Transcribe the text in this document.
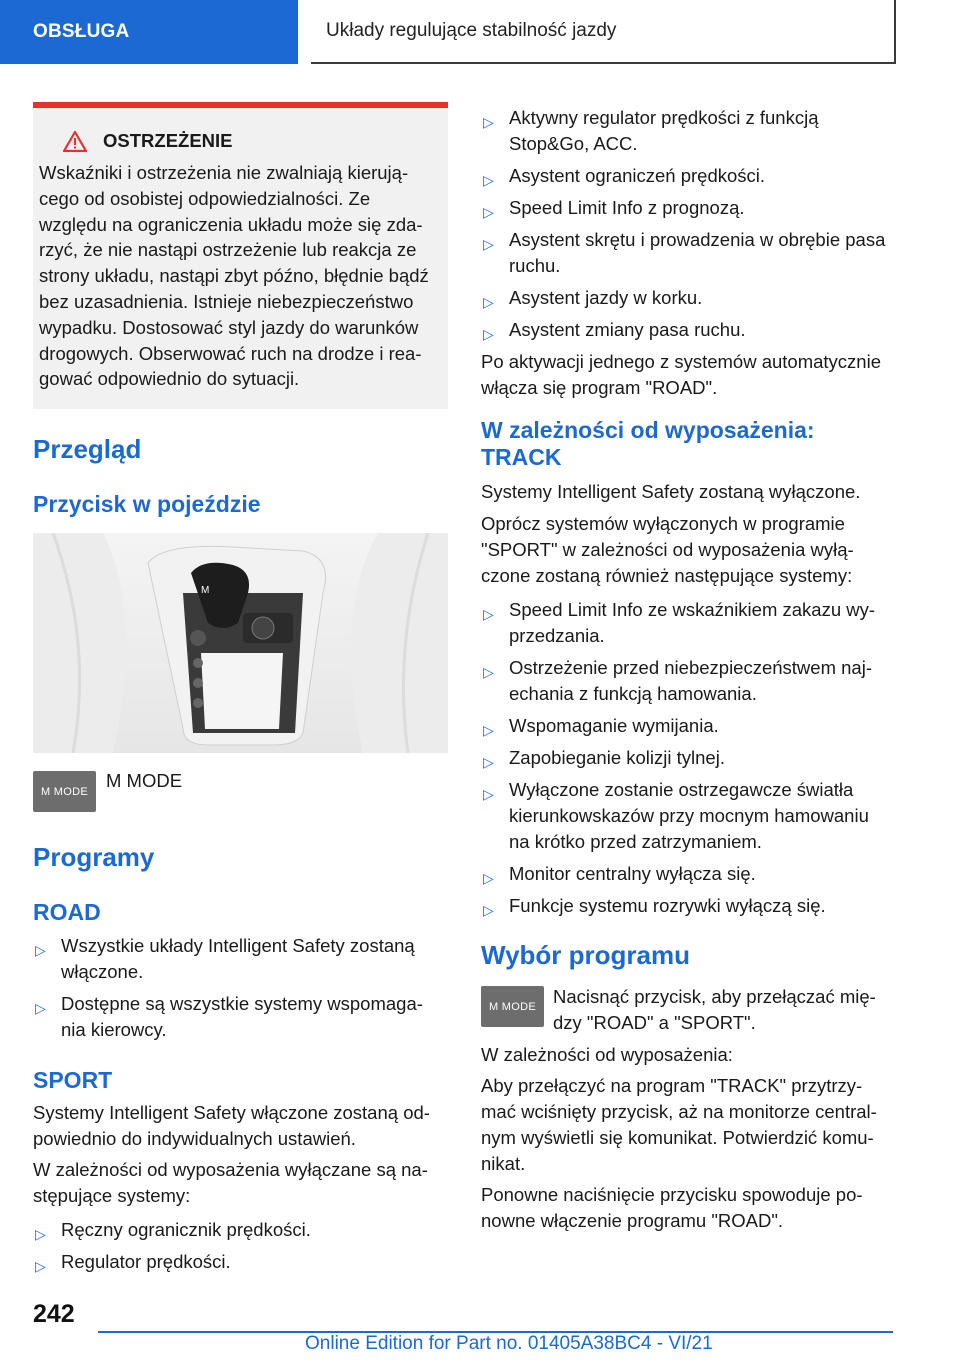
OBSŁUGA	Układy regulujące stabilność jazdy
OSTRZEŻENIE

Wskaźniki i ostrzeżenia nie zwalniają kierują-
cego od osobistej odpowiedzialności. Ze
względu na ograniczenia układu może się zda-
rzyć, że nie nastąpi ostrzeżenie lub reakcja ze
strony układu, nastąpi zbyt późno, błędnie bądź
bez uzasadnienia. Istnieje niebezpieczeństwo
wypadku. Dostosować styl jazdy do warunków
drogowych. Obserwować ruch na drodze i rea-
gować odpowiednio do sytuacji.

Przegląd
Przycisk w pojeździe
M
M MODE
M MODE
Programy
ROAD
▷ Wszystkie układy Intelligent Safety zostaną
włączone.
▷ Dostępne są wszystkie systemy wspomaga-
nia kierowcy.
SPORT

Systemy Intelligent Safety włączone zostaną od-
powiednio do indywidualnych ustawień.

W zależności od wyposażenia wyłączane są na-
stępujące systemy:

▷ Ręczny ogranicznik prędkości.
▷ Regulator prędkości.
▷ Aktywny regulator prędkości z funkcją
Stop&Go, ACC.
▷ Asystent ograniczeń prędkości.
▷ Speed Limit Info z prognozą.
▷ Asystent skrętu i prowadzenia w obrębie pasa
ruchu.
▷ Asystent jazdy w korku.
▷ Asystent zmiany pasa ruchu.

Po aktywacji jednego z systemów automatycznie
włącza się program "ROAD".

W zależności od wyposażenia:
TRACK

Systemy Intelligent Safety zostaną wyłączone.

Oprócz systemów wyłączonych w programie
"SPORT" w zależności od wyposażenia wyłą-
czone zostaną również następujące systemy:

▷ Speed Limit Info ze wskaźnikiem zakazu wy-
przedzania.
▷ Ostrzeżenie przed niebezpieczeństwem naj-
echania z funkcją hamowania.
▷ Wspomaganie wymijania.
▷ Zapobieganie kolizji tylnej.
▷ Wyłączone zostanie ostrzegawcze światła
kierunkowskazów przy mocnym hamowaniu
na krótko przed zatrzymaniem.
▷ Monitor centralny wyłącza się.
▷ Funkcje systemu rozrywki wyłączą się.
Wybór programu
M MODE Nacisnąć przycisk, aby przełączać mię-
dzy "ROAD" a "SPORT".

W zależności od wyposażenia:

Aby przełączyć na program "TRACK" przytrzy-
mać wciśnięty przycisk, aż na monitorze central-
nym wyświetli się komunikat. Potwierdzić komu-
nikat.

Ponowne naciśnięcie przycisku spowoduje po-
nowne włączenie programu "ROAD".

242
Online Edition for Part no. 01405A38BC4 - VI/21
